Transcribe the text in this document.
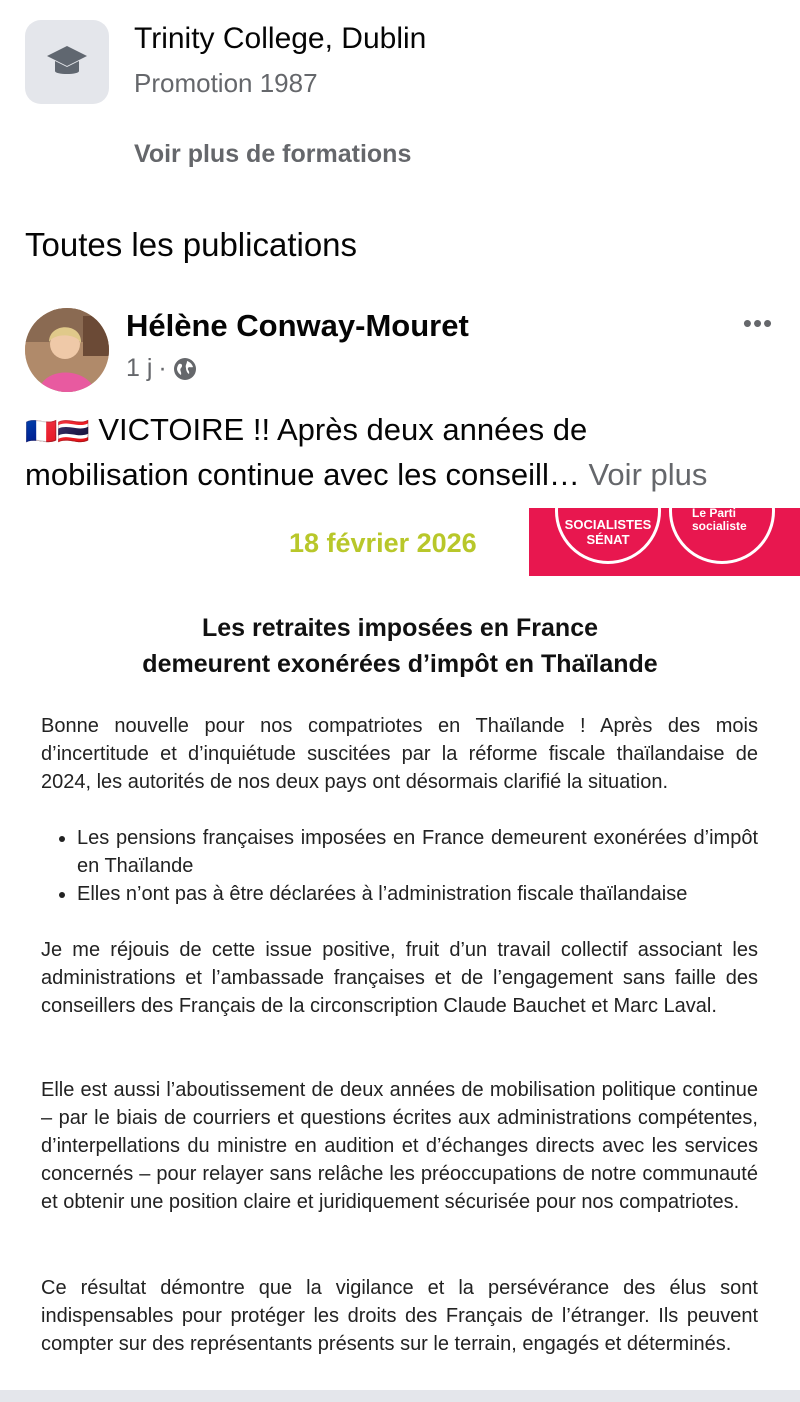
Trinity College, Dublin
Promotion 1987
Voir plus de formations
Toutes les publications
Hélène Conway-Mouret
1 j ·
•••
🇫🇷🇹🇭 VICTOIRE !! Après deux années de
mobilisation continue avec les conseill… Voir plus
18 février 2026
SOCIALISTES SÉNAT
Le Parti socialiste
Les retraites imposées en France
demeurent exonérées d’impôt en Thaïlande

Bonne nouvelle pour nos compatriotes en Thaïlande ! Après des mois d’incertitude et d’inquiétude suscitées par la réforme fiscale thaïlandaise de 2024, les autorités de nos deux pays ont désormais clarifié la situation.

• Les pensions françaises imposées en France demeurent exonérées d’impôt en Thaïlande
• Elles n’ont pas à être déclarées à l’administration fiscale thaïlandaise

Je me réjouis de cette issue positive, fruit d’un travail collectif associant les administrations et l’ambassade françaises et de l’engagement sans faille des conseillers des Français de la circonscription Claude Bauchet et Marc Laval.

Elle est aussi l’aboutissement de deux années de mobilisation politique continue – par le biais de courriers et questions écrites aux administrations compétentes, d’interpellations du ministre en audition et d’échanges directs avec les services concernés – pour relayer sans relâche les préoccupations de notre communauté et obtenir une position claire et juridiquement sécurisée pour nos compatriotes.

Ce résultat démontre que la vigilance et la persévérance des élus sont indispensables pour protéger les droits des Français de l’étranger. Ils peuvent compter sur des représentants présents sur le terrain, engagés et déterminés.
